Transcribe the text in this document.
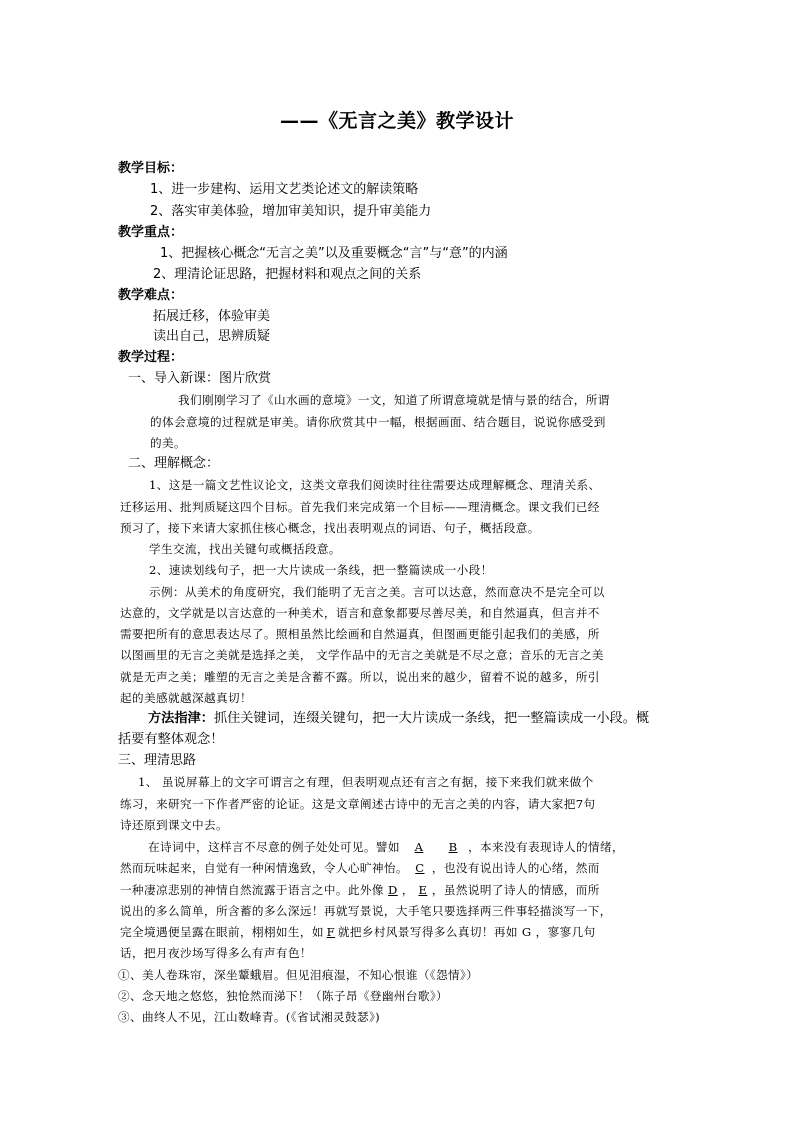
——《无言之美》教学设计
教学目标：
1、进一步建构、运用文艺类论述文的解读策略
2、落实审美体验，增加审美知识，提升审美能力
教学重点：
1、把握核心概念“无言之美”以及重要概念“言”与“意”的内涵
2、理清论证思路，把握材料和观点之间的关系
教学难点：
拓展迁移，体验审美
读出自己，思辨质疑
教学过程：
一、导入新课：图片欣赏
我们刚刚学习了《山水画的意境》一文，知道了所谓意境就是情与景的结合，所谓
的体会意境的过程就是审美。请你欣赏其中一幅，根据画面、结合题目，说说你感受到
的美。
二、理解概念：
1、这是一篇文艺性议论文，这类文章我们阅读时往往需要达成理解概念、理清关系、
迁移运用、批判质疑这四个目标。首先我们来完成第一个目标——理清概念。课文我们已经
预习了，接下来请大家抓住核心概念，找出表明观点的词语、句子，概括段意。
学生交流，找出关键句或概括段意。
2、速读划线句子，把一大片读成一条线，把一整篇读成一小段！
示例：从美术的角度研究，我们能明了无言之美。言可以达意，然而意决不是完全可以
达意的，文学就是以言达意的一种美术，语言和意象都要尽善尽美，和自然逼真，但言并不
需要把所有的意思表达尽了。照相虽然比绘画和自然逼真，但图画更能引起我们的美感，所
以图画里的无言之美就是选择之美， 文学作品中的无言之美就是不尽之意；音乐的无言之美
就是无声之美；雕塑的无言之美是含蓄不露。所以，说出来的越少，留着不说的越多，所引
起的美感就越深越真切！
方法指津：抓住关键词，连缀关键句，把一大片读成一条线，把一整篇读成一小段。概
括要有整体观念！
三、理清思路
1、 虽说屏幕上的文字可谓言之有理，但表明观点还有言之有据，接下来我们就来做个
练习，来研究一下作者严密的论证。这是文章阐述古诗中的无言之美的内容，请大家把7句
诗还原到课文中去。
在诗词中，这样言不尽意的例子处处可见。譬如 A B ，本来没有表现诗人的情绪，
然而玩味起来，自觉有一种闲情逸致，令人心旷神怡。 C ，也没有说出诗人的心绪，然而
一种凄凉悲别的神情自然流露于语言之中。此外像 D ， E ，虽然说明了诗人的情感，而所
说出的多么简单，所含蓄的多么深远！再就写景说，大手笔只要选择两三件事轻描淡写一下，
完全境遇便呈露在眼前，栩栩如生，如 F 就把乡村风景写得多么真切！再如 G ，寥寥几句
话，把月夜沙场写得多么有声有色！
①、美人卷珠帘，深坐颦蛾眉。但见泪痕湿，不知心恨谁（《怨情》）
②、念天地之悠悠，独怆然而涕下！（陈子昂《登幽州台歌》）
③、曲终人不见，江山数峰青。(《省试湘灵鼓瑟》)
